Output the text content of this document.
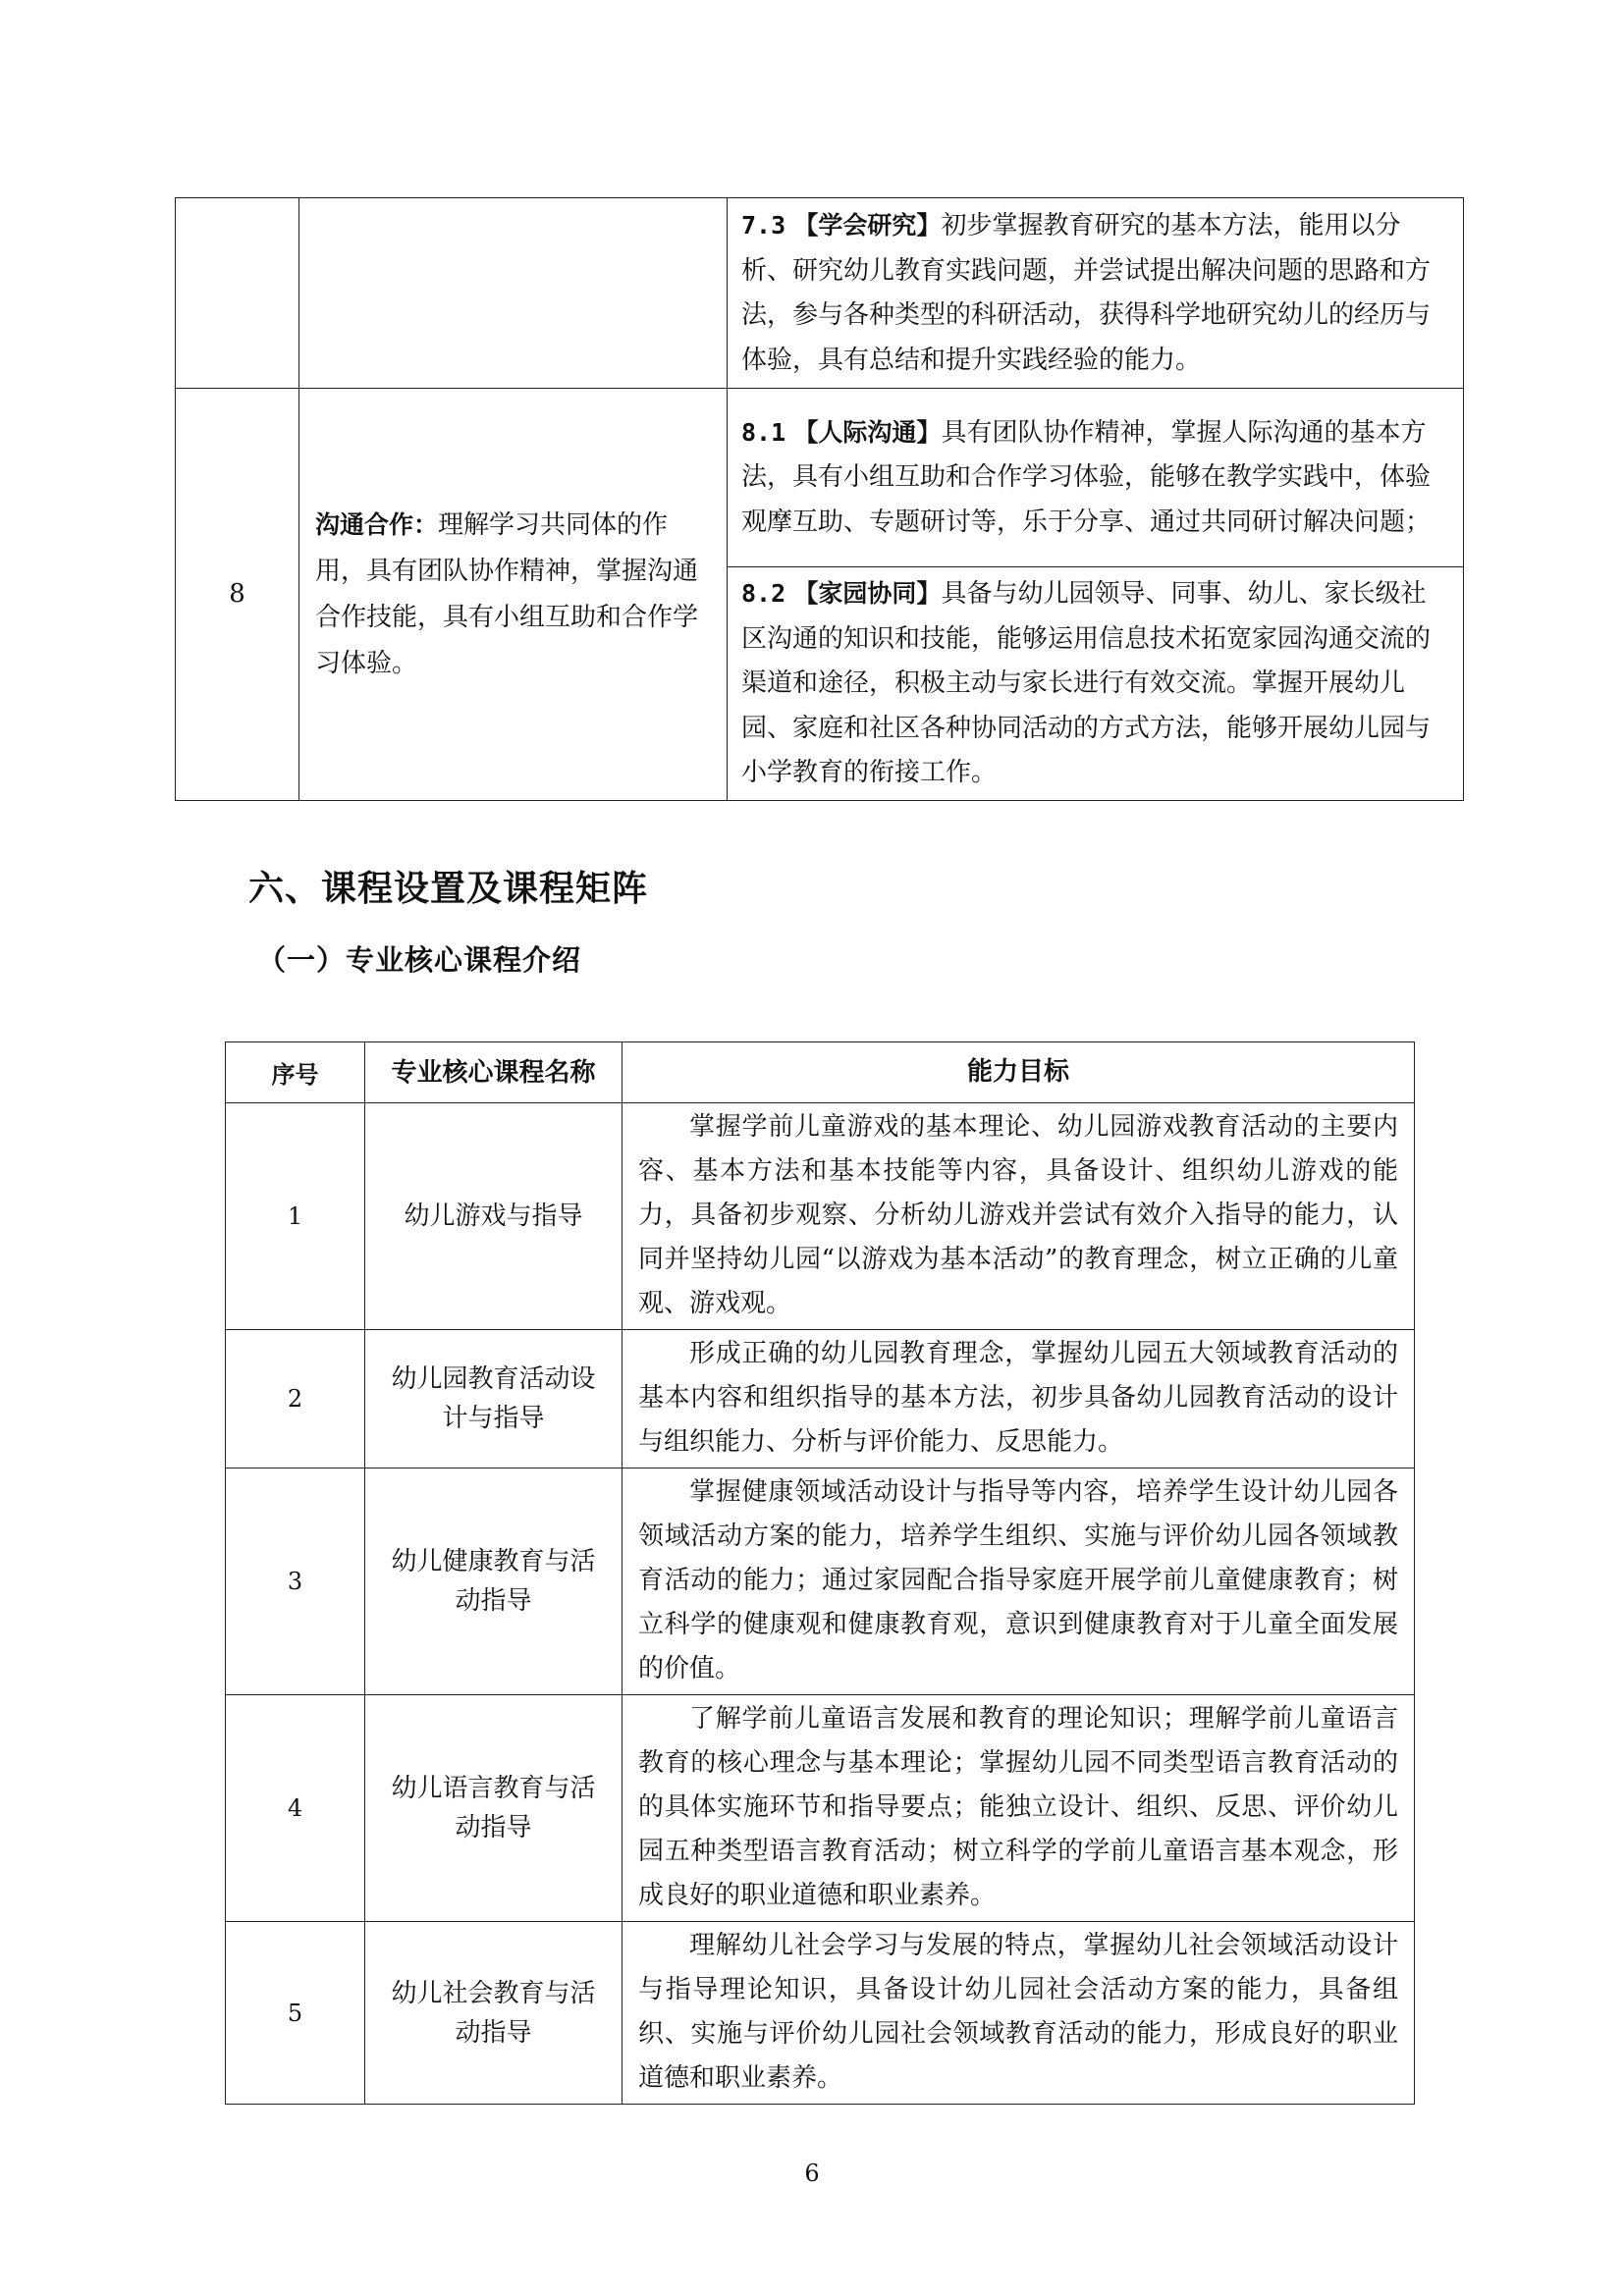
		7.3 【学会研究】初步掌握教育研究的基本方法，能用以分析、研究幼儿教育实践问题，并尝试提出解决问题的思路和方法，参与各种类型的科研活动，获得科学地研究幼儿的经历与体验，具有总结和提升实践经验的能力。
8	沟通合作：理解学习共同体的作用，具有团队协作精神，掌握沟通合作技能，具有小组互助和合作学习体验。	8.1 【人际沟通】具有团队协作精神，掌握人际沟通的基本方法，具有小组互助和合作学习体验，能够在教学实践中，体验观摩互助、专题研讨等，乐于分享、通过共同研讨解决问题；
		8.2 【家园协同】具备与幼儿园领导、同事、幼儿、家长级社区沟通的知识和技能，能够运用信息技术拓宽家园沟通交流的渠道和途径，积极主动与家长进行有效交流。掌握开展幼儿园、家庭和社区各种协同活动的方式方法，能够开展幼儿园与小学教育的衔接工作。
六、课程设置及课程矩阵
（一）专业核心课程介绍
序号	专业核心课程名称	能力目标
1	幼儿游戏与指导	掌握学前儿童游戏的基本理论、幼儿园游戏教育活动的主要内容、基本方法和基本技能等内容，具备设计、组织幼儿游戏的能力，具备初步观察、分析幼儿游戏并尝试有效介入指导的能力，认同并坚持幼儿园“以游戏为基本活动”的教育理念，树立正确的儿童观、游戏观。

2	幼儿园教育活动设计与指导	形成正确的幼儿园教育理念，掌握幼儿园五大领域教育活动的基本内容和组织指导的基本方法，初步具备幼儿园教育活动的设计与组织能力、分析与评价能力、反思能力。

3	幼儿健康教育与活动指导	掌握健康领域活动设计与指导等内容，培养学生设计幼儿园各领域活动方案的能力，培养学生组织、实施与评价幼儿园各领域教育活动的能力；通过家园配合指导家庭开展学前儿童健康教育；树立科学的健康观和健康教育观，意识到健康教育对于儿童全面发展的价值。

4	幼儿语言教育与活动指导	了解学前儿童语言发展和教育的理论知识；理解学前儿童语言教育的核心理念与基本理论；掌握幼儿园不同类型语言教育活动的的具体实施环节和指导要点；能独立设计、组织、反思、评价幼儿园五种类型语言教育活动；树立科学的学前儿童语言基本观念，形成良好的职业道德和职业素养。

5	幼儿社会教育与活动指导	理解幼儿社会学习与发展的特点，掌握幼儿社会领域活动设计与指导理论知识，具备设计幼儿园社会活动方案的能力，具备组织、实施与评价幼儿园社会领域教育活动的能力，形成良好的职业道德和职业素养。
6
